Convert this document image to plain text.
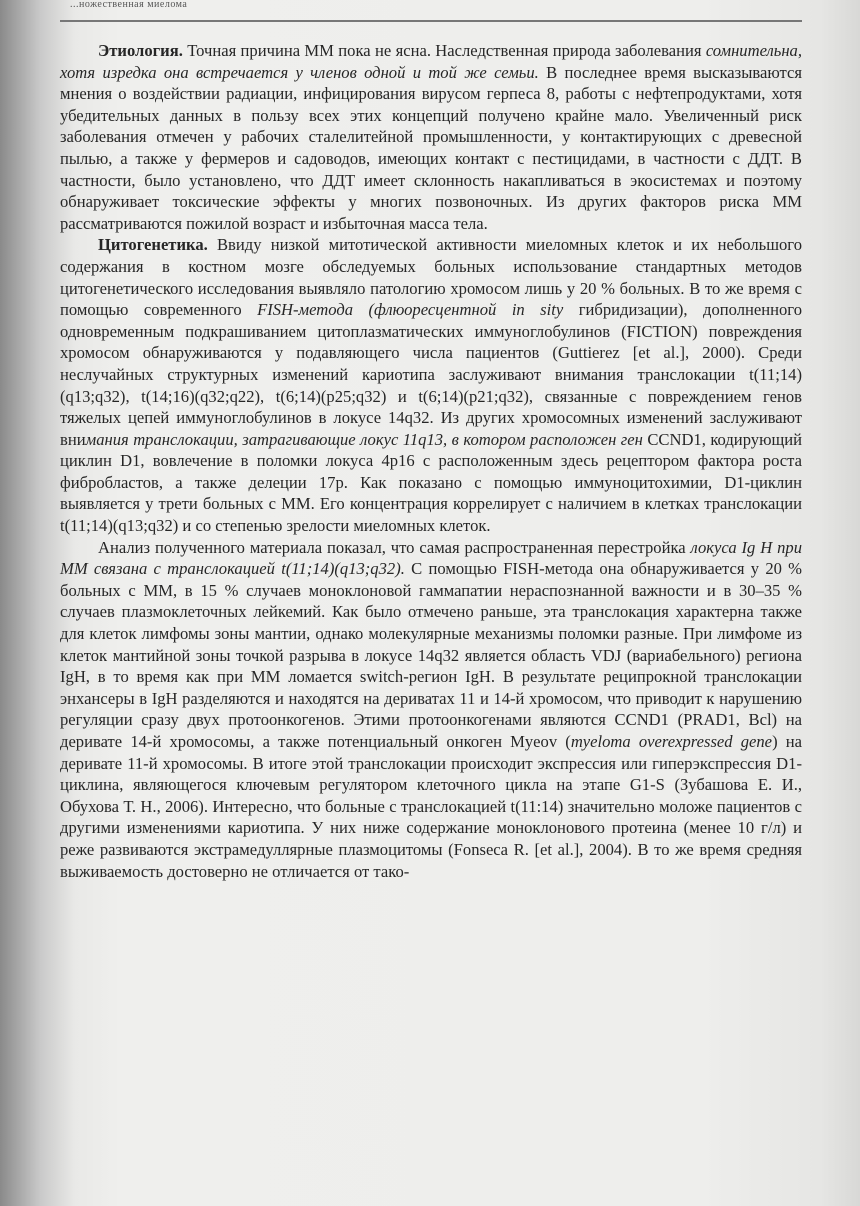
...ножественная миелома

Этиология. Точная причина ММ пока не ясна. Наследственная природа заболевания сомнительна, хотя изредка она встречается у членов одной и той же семьи. В последнее время высказываются мнения о воздействии радиации, инфицирования вирусом герпеса 8, работы с нефтепродуктами, хотя убедительных данных в пользу всех этих концепций получено крайне мало. Увеличенный риск заболевания отмечен у рабочих сталелитейной промышленности, у контактирующих с древесной пылью, а также у фермеров и садоводов, имеющих контакт с пестицидами, в частности с ДДТ. В частности, было установлено, что ДДТ имеет склонность накапливаться в экосистемах и поэтому обнаруживает токсические эффекты у многих позвоночных. Из других факторов риска ММ рассматриваются пожилой возраст и избыточная масса тела.

Цитогенетика. Ввиду низкой митотической активности миеломных клеток и их небольшого содержания в костном мозге обследуемых больных использование стандартных методов цитогенетического исследования выявляло патологию хромосом лишь у 20 % больных. В то же время с помощью современного FISH-метода (флюоресцентной in sity гибридизации), дополненного одновременным подкрашиванием цитоплазматических иммуноглобулинов (FICTION) повреждения хромосом обнаруживаются у подавляющего числа пациентов (Guttierez [et al.], 2000). Среди неслучайных структурных изменений кариотипа заслуживают внимания транслокации t(11;14)(q13;q32), t(14;16)(q32;q22), t(6;14)(p25;q32) и t(6;14)(p21;q32), связанные с повреждением генов тяжелых цепей иммуноглобулинов в локусе 14q32. Из других хромосомных изменений заслуживают внимания транслокации, затрагивающие локус 11q13, в котором расположен ген CCND1, кодирующий циклин D1, вовлечение в поломки локуса 4p16 с расположенным здесь рецептором фактора роста фибробластов, а также делеции 17р. Как показано с помощью иммуноцитохимии, D1-циклин выявляется у трети больных с ММ. Его концентрация коррелирует с наличием в клетках транслокации t(11;14)(q13;q32) и со степенью зрелости миеломных клеток.

Анализ полученного материала показал, что самая распространенная перестройка локуса Ig H при ММ связана с транслокацией t(11;14)(q13;q32). С помощью FISH-метода она обнаруживается у 20 % больных с ММ, в 15 % случаев моноклоновой гаммапатии нераспознанной важности и в 30–35 % случаев плазмоклеточных лейкемий. Как было отмечено раньше, эта транслокация характерна также для клеток лимфомы зоны мантии, однако молекулярные механизмы поломки разные. При лимфоме из клеток мантийной зоны точкой разрыва в локусе 14q32 является область VDJ (вариабельного) региона IgH, в то время как при ММ ломается switch-регион IgH. В результате реципрокной транслокации энхансеры в IgH разделяются и находятся на дериватах 11 и 14-й хромосом, что приводит к нарушению регуляции сразу двух протоонкогенов. Этими протоонкогенами являются CCND1 (PRAD1, Bcl) на деривате 14-й хромосомы, а также потенциальный онкоген Myeov (myeloma overexpressed gene) на деривате 11-й хромосомы. В итоге этой транслокации происходит экспрессия или гиперэкспрессия D1-циклина, являющегося ключевым регулятором клеточного цикла на этапе G1-S (Зубашова Е. И., Обухова Т. Н., 2006). Интересно, что больные с транслокацией t(11:14) значительно моложе пациентов с другими изменениями кариотипа. У них ниже содержание моноклонового протеина (менее 10 г/л) и реже развиваются экстрамедуллярные плазмоцитомы (Fonseca R. [et al.], 2004). В то же время средняя выживаемость достоверно не отличается от тако-
